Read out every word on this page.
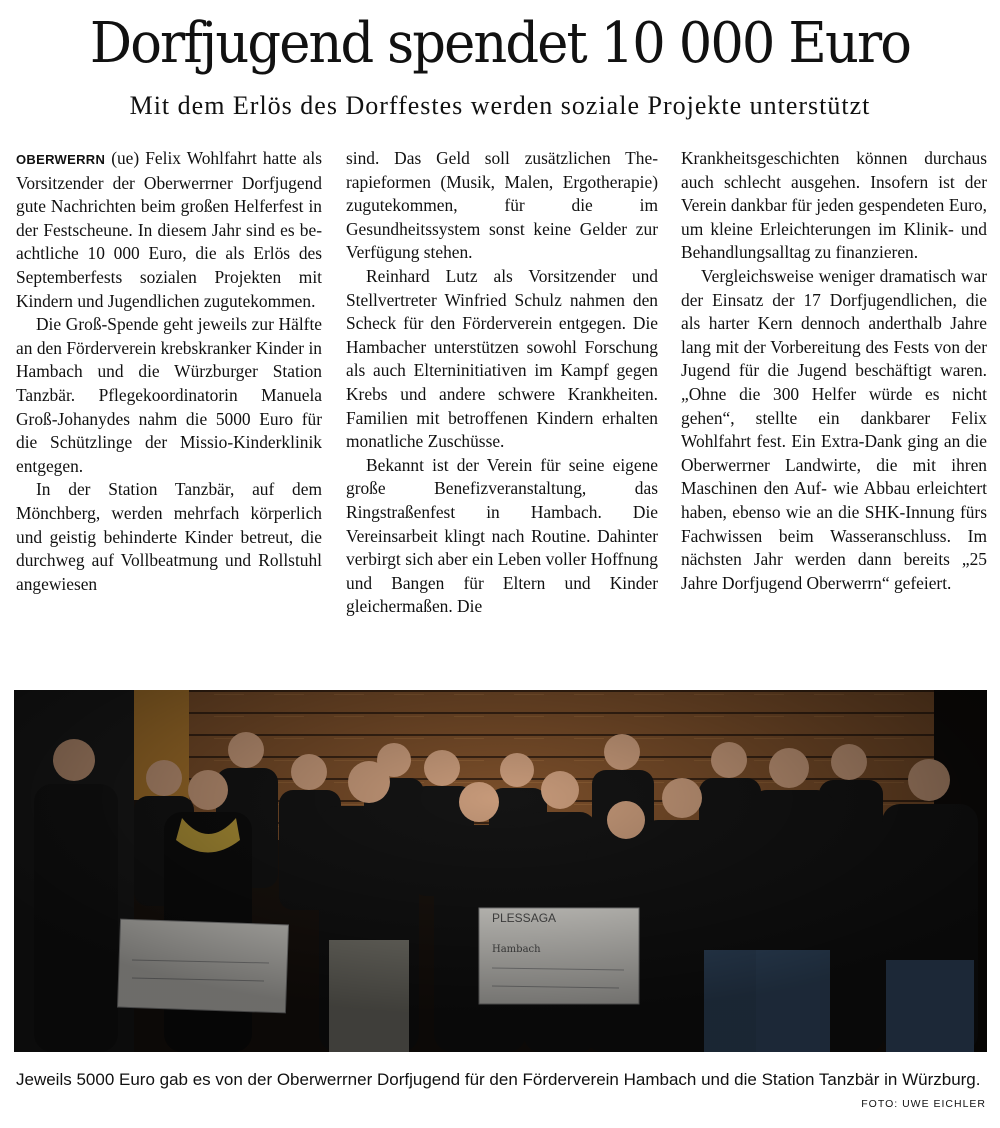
Dorfjugend spendet 10 000 Euro
Mit dem Erlös des Dorffestes werden soziale Projekte unterstützt

OBERWERRN (ue) Felix Wohlfahrt hatte als Vorsitzender der Oberwerrner Dorfjugend gute Nachrichten beim großen Helferfest in der Festscheune. In diesem Jahr sind es beachtliche 10 000 Euro, die als Erlös des Septemberfests sozialen Projekten mit Kindern und Jugendlichen zugutekommen.

Die Groß-Spende geht jeweils zur Hälfte an den Förderverein krebskranker Kinder in Hambach und die Würzburger Station Tanzbär. Pflegekoordinatorin Manuela Groß-Johanydes nahm die 5000 Euro für die Schützlinge der Missio-Kinderklinik entgegen.

In der Station Tanzbär, auf dem Mönchberg, werden mehrfach körperlich und geistig behinderte Kinder betreut, die durchweg auf Vollbeatmung und Rollstuhl angewiesen

sind. Das Geld soll zusätzlichen Therapieformen (Musik, Malen, Ergotherapie) zugutekommen, für die im Gesundheitssystem sonst keine Gelder zur Verfügung stehen.

Reinhard Lutz als Vorsitzender und Stellvertreter Winfried Schulz nahmen den Scheck für den Förderverein entgegen. Die Hambacher unterstützen sowohl Forschung als auch Elterninitiativen im Kampf gegen Krebs und andere schwere Krankheiten. Familien mit betroffenen Kindern erhalten monatliche Zuschüsse.

Bekannt ist der Verein für seine eigene große Benefizveranstaltung, das Ringstraßenfest in Hambach. Die Vereinsarbeit klingt nach Routine. Dahinter verbirgt sich aber ein Leben voller Hoffnung und Bangen für Eltern und Kinder gleichermaßen. Die

Krankheitsgeschichten können durchaus auch schlecht ausgehen. Insofern ist der Verein dankbar für jeden gespendeten Euro, um kleine Erleichterungen im Klinik- und Behandlungsalltag zu finanzieren.

Vergleichsweise weniger dramatisch war der Einsatz der 17 Dorfjugendlichen, die als harter Kern dennoch anderthalb Jahre lang mit der Vorbereitung des Fests von der Jugend für die Jugend beschäftigt waren. „Ohne die 300 Helfer würde es nicht gehen“, stellte ein dankbarer Felix Wohlfahrt fest. Ein Extra-Dank ging an die Oberwerrner Landwirte, die mit ihren Maschinen den Auf- wie Abbau erleichtert haben, ebenso wie an die SHK-Innung fürs Fachwissen beim Wasseranschluss. Im nächsten Jahr werden dann bereits „25 Jahre Dorfjugend Oberwerrn“ gefeiert.

Jeweils 5000 Euro gab es von der Oberwerrner Dorfjugend für den Förderverein Hambach und die Station Tanzbär in Würzburg.
FOTO: UWE EICHLER
